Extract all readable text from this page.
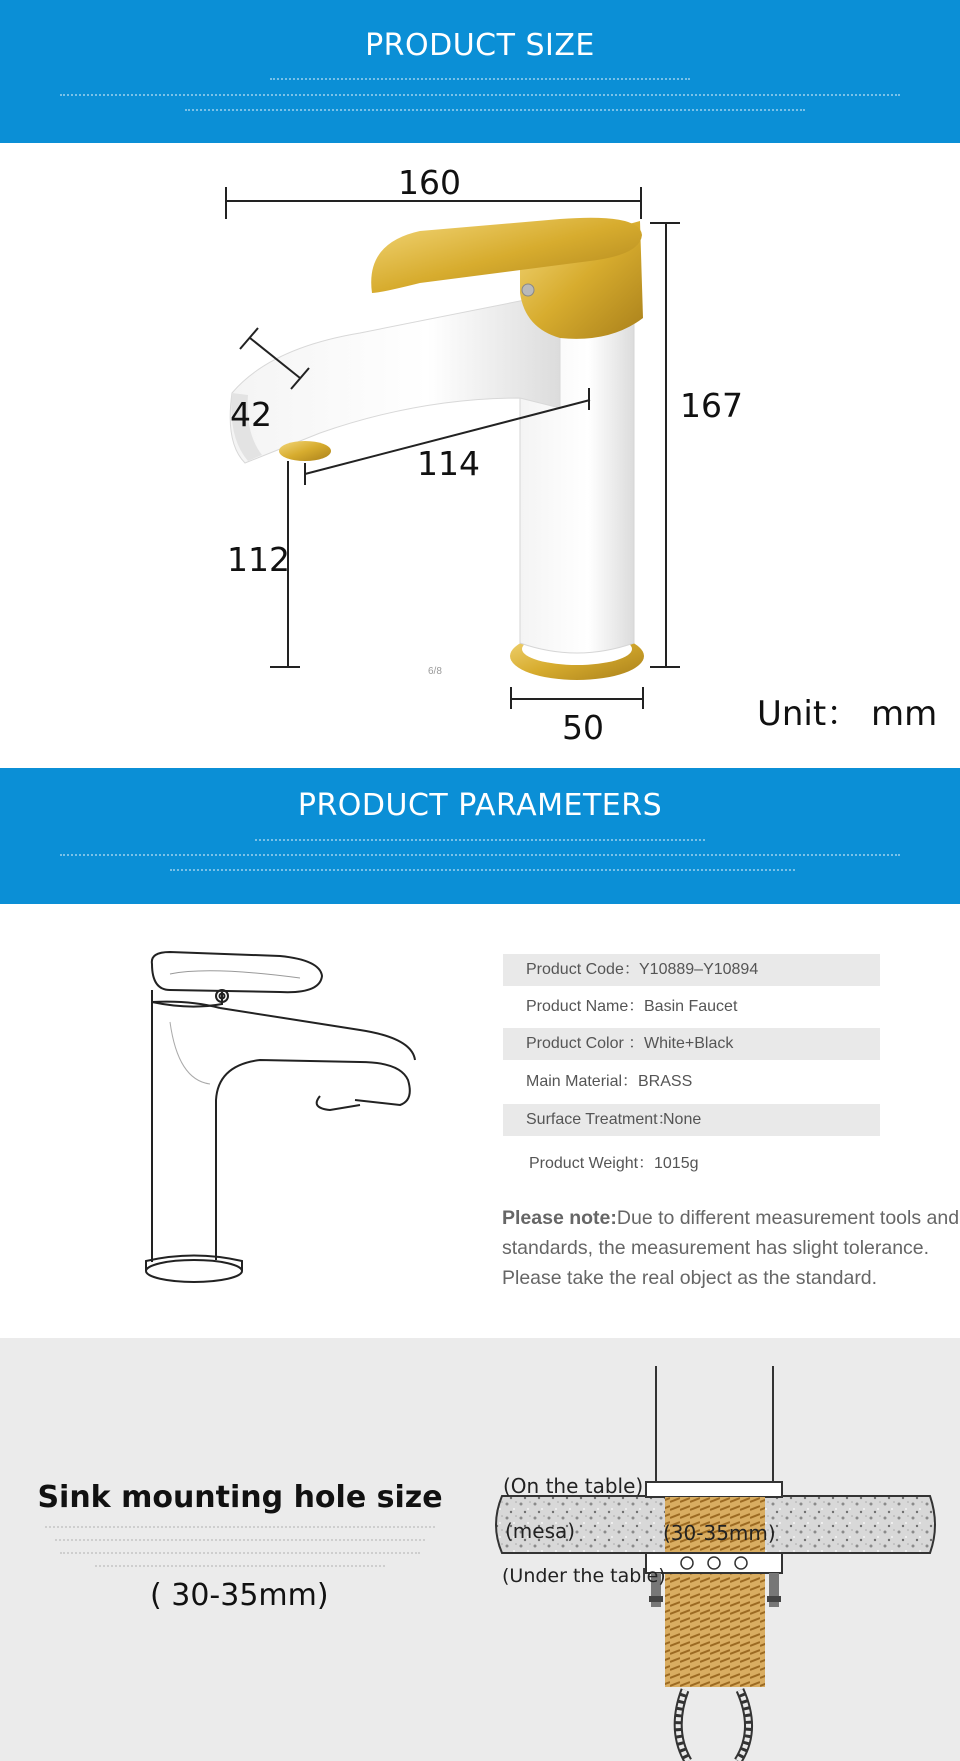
PRODUCT SIZE
160
167
42
114
112
50
6/8
Unit： mm
PRODUCT PARAMETERS
Product Code： Y10889–Y10894
Product Name： Basin Faucet
Product Color ： White+Black
Main Material： BRASS
Surface Treatment：
None
Product Weight： 1015g
Please note:Due to different measurement tools and standards, the measurement has slight tolerance. Please take the real object as the standard.
Sink mounting hole size
( 30-35mm)
(On the table)
(mesa)	(30-35mm)
(Under the table)
